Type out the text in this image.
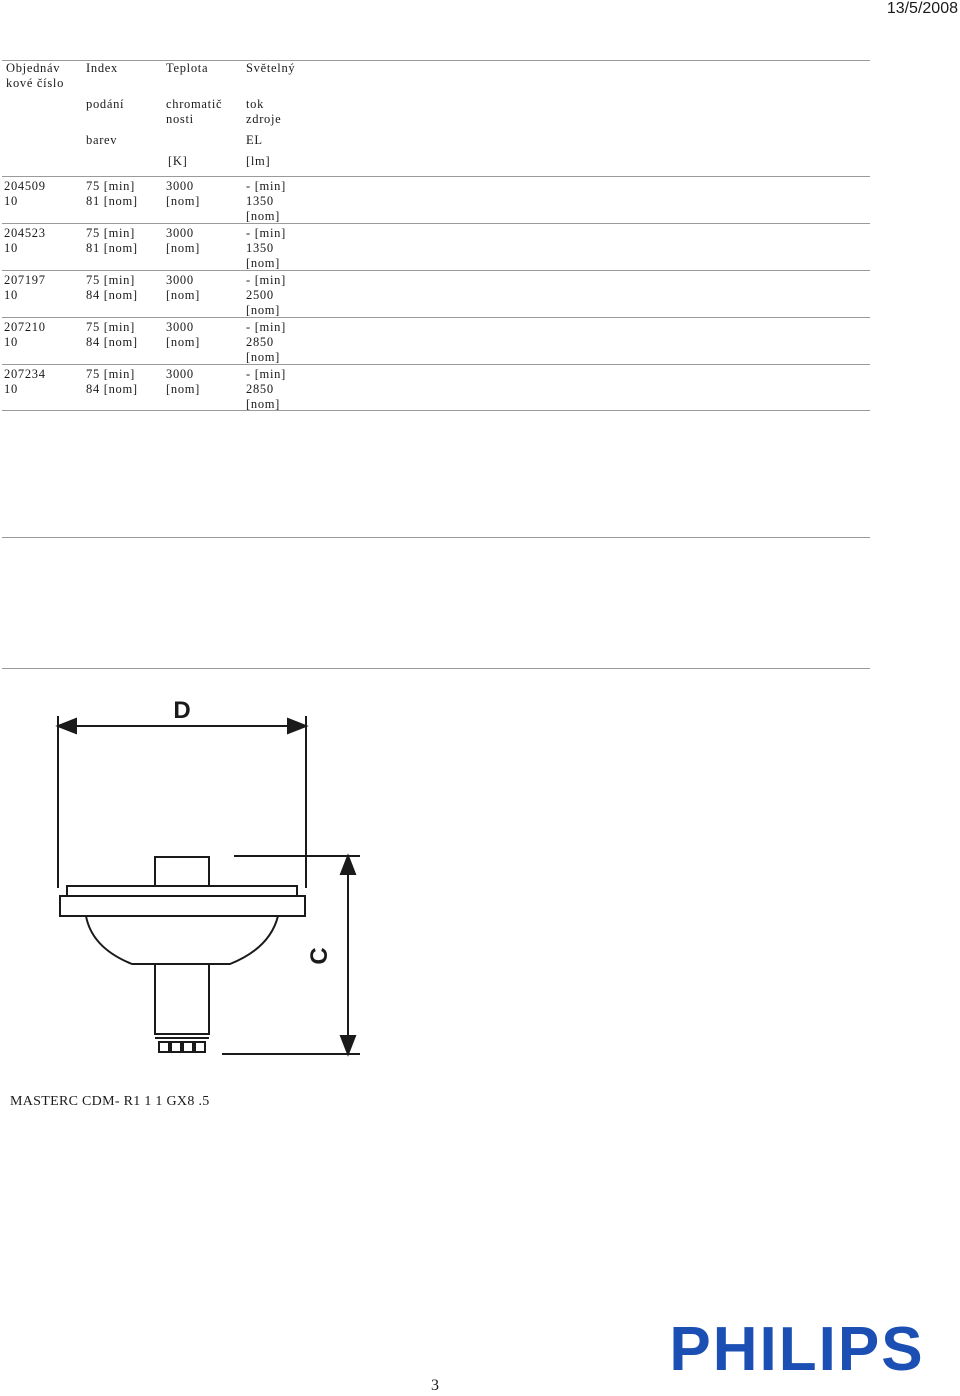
13/5/2008
Objednáv
kové číslo
Index
podání
barev
Teplota
chromatič
nosti
[K]
Světelný
tok
zdroje
EL
[lm]
204509
10
75 [min]
81 [nom]
3000
[nom]
- [min]
1350
[nom]
204523
10
75 [min]
81 [nom]
3000
[nom]
- [min]
1350
[nom]
207197
10
75 [min]
84 [nom]
3000
[nom]
- [min]
2500
[nom]
207210
10
75 [min]
84 [nom]
3000
[nom]
- [min]
2850
[nom]
207234
10
75 [min]
84 [nom]
3000
[nom]
- [min]
2850
[nom]
D
C
MASTERC CDM- R1 1 1 GX8 .5
3
PHILIPS
